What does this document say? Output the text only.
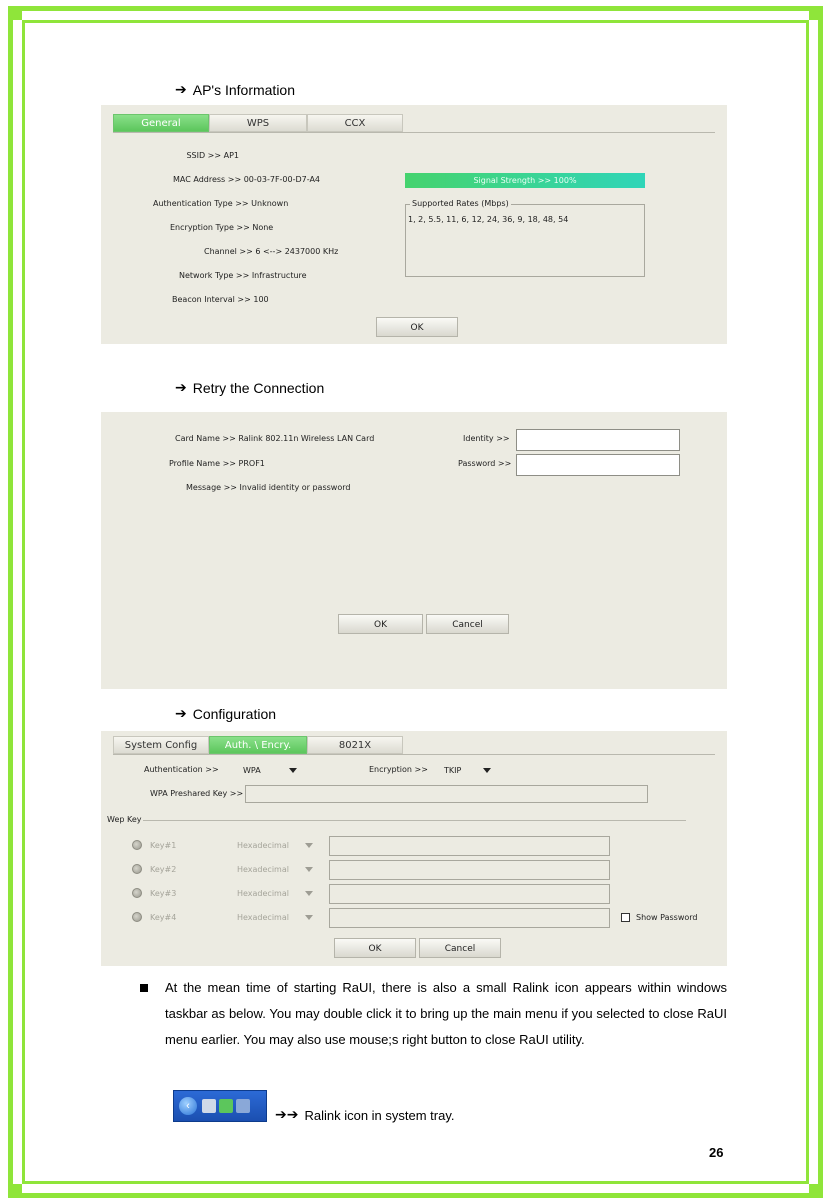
➔ AP's Information
General	WPS	CCX
SSID >> AP1
MAC Address >> 00-03-7F-00-D7-A4
Authentication Type >> Unknown
Encryption Type >> None
Channel >> 6 <--> 2437000 KHz
Network Type >> Infrastructure
Beacon Interval >> 100
Signal Strength >> 100%
Supported Rates (Mbps)
1, 2, 5.5, 11, 6, 12, 24, 36, 9, 18, 48, 54
OK
➔ Retry the Connection
Card Name >> Ralink 802.11n Wireless LAN Card
Profile Name >> PROF1
Message >> Invalid identity or password
Identity >>
Password >>
OK	Cancel
➔ Configuration
System Config	Auth. \ Encry.	8021X
Authentication >>	WPA	Encryption >> TKIP
WPA Preshared Key >>
Wep Key
Key#1	Hexadecimal
Key#2	Hexadecimal
Key#3	Hexadecimal
Key#4	Hexadecimal	Show Password
OK	Cancel
At the mean time of starting RaUI, there is also a small Ralink icon appears within windows taskbar as below. You may double click it to bring up the main menu if you selected to close RaUI menu earlier. You may also use mouse;s right button to close RaUI utility.
‹
➔➔ Ralink icon in system tray.
26
